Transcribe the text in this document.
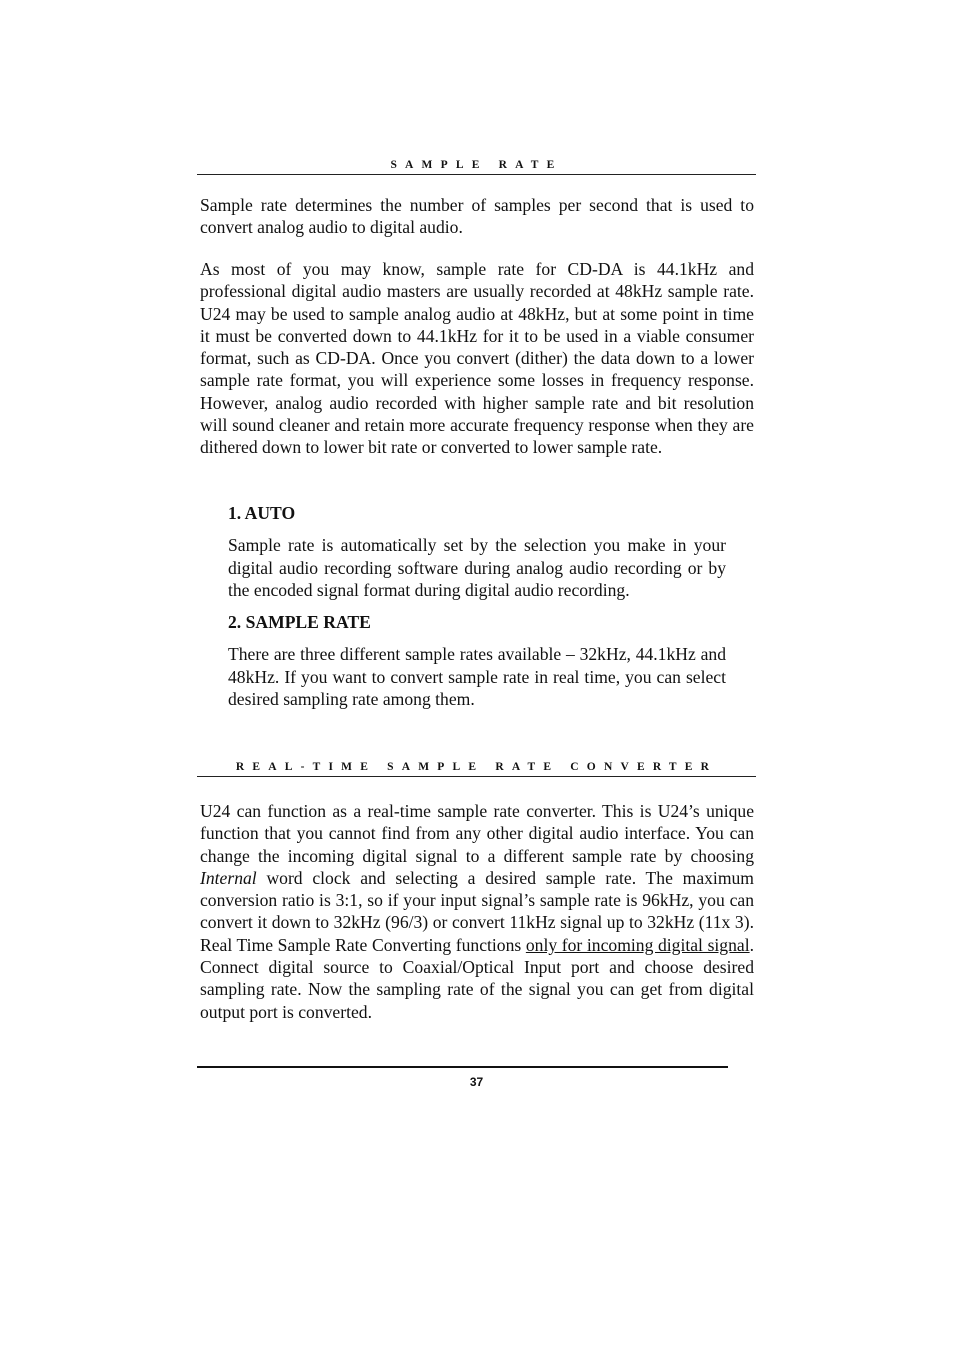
SAMPLE RATE

Sample rate determines the number of samples per second that is used to convert analog audio to digital audio.

As most of you may know, sample rate for CD-DA is 44.1kHz and professional digital audio masters are usually recorded at 48kHz sample rate. U24 may be used to sample analog audio at 48kHz, but at some point in time it must be converted down to 44.1kHz for it to be used in a viable consumer format, such as CD-DA. Once you convert (dither) the data down to a lower sample rate format, you will experience some losses in frequency response. However, analog audio recorded with higher sample rate and bit resolution will sound cleaner and retain more accurate frequency response when they are dithered down to lower bit rate or converted to lower sample rate.

1. AUTO

Sample rate is automatically set by the selection you make in your digital audio recording software during analog audio recording or by the encoded signal format during digital audio recording.

2. SAMPLE RATE

There are three different sample rates available – 32kHz, 44.1kHz and 48kHz. If you want to convert sample rate in real time, you can select desired sampling rate among them.

REAL-TIME SAMPLE RATE CONVERTER

U24 can function as a real-time sample rate converter. This is U24’s unique function that you cannot find from any other digital audio interface. You can change the incoming digital signal to a different sample rate by choosing Internal word clock and selecting a desired sample rate. The maximum conversion ratio is 3:1, so if your input signal’s sample rate is 96kHz, you can convert it down to 32kHz (96/3) or convert 11kHz signal up to 32kHz (11x 3). Real Time Sample Rate Converting functions only for incoming digital signal. Connect digital source to Coaxial/Optical Input port and choose desired sampling rate. Now the sampling rate of the signal you can get from digital output port is converted.

37
